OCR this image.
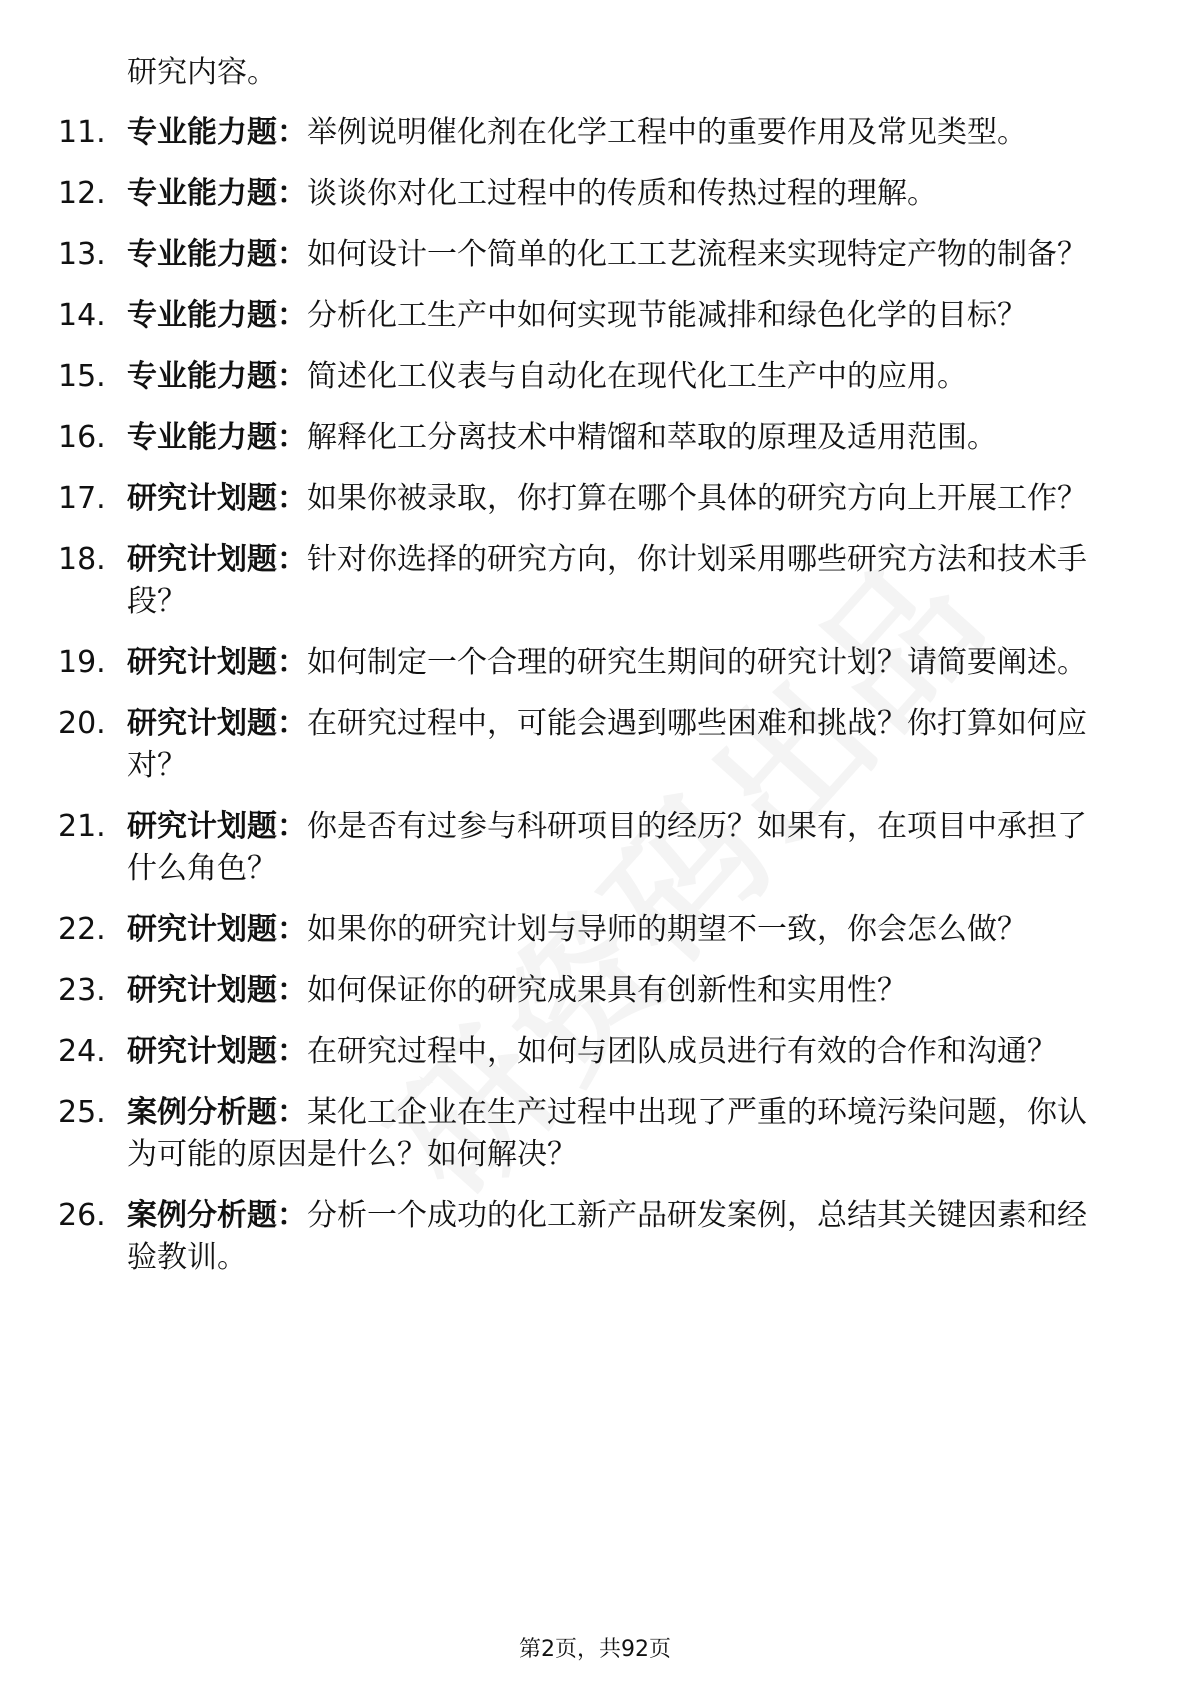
研究内容。
11. 专业能力题：举例说明催化剂在化学工程中的重要作用及常见类型。
12. 专业能力题：谈谈你对化工过程中的传质和传热过程的理解。
13. 专业能力题：如何设计一个简单的化工工艺流程来实现特定产物的制备？
14. 专业能力题：分析化工生产中如何实现节能减排和绿色化学的目标？
15. 专业能力题：简述化工仪表与自动化在现代化工生产中的应用。
16. 专业能力题：解释化工分离技术中精馏和萃取的原理及适用范围。
17. 研究计划题：如果你被录取，你打算在哪个具体的研究方向上开展工作？
18. 研究计划题：针对你选择的研究方向，你计划采用哪些研究方法和技术手段？
19. 研究计划题：如何制定一个合理的研究生期间的研究计划？请简要阐述。
20. 研究计划题：在研究过程中，可能会遇到哪些困难和挑战？你打算如何应对？
21. 研究计划题：你是否有过参与科研项目的经历？如果有，在项目中承担了什么角色？
22. 研究计划题：如果你的研究计划与导师的期望不一致，你会怎么做？
23. 研究计划题：如何保证你的研究成果具有创新性和实用性？
24. 研究计划题：在研究过程中，如何与团队成员进行有效的合作和沟通？
25. 案例分析题：某化工企业在生产过程中出现了严重的环境污染问题，你认为可能的原因是什么？如何解决？
26. 案例分析题：分析一个成功的化工新产品研发案例，总结其关键因素和经验教训。
第2页，共92页
